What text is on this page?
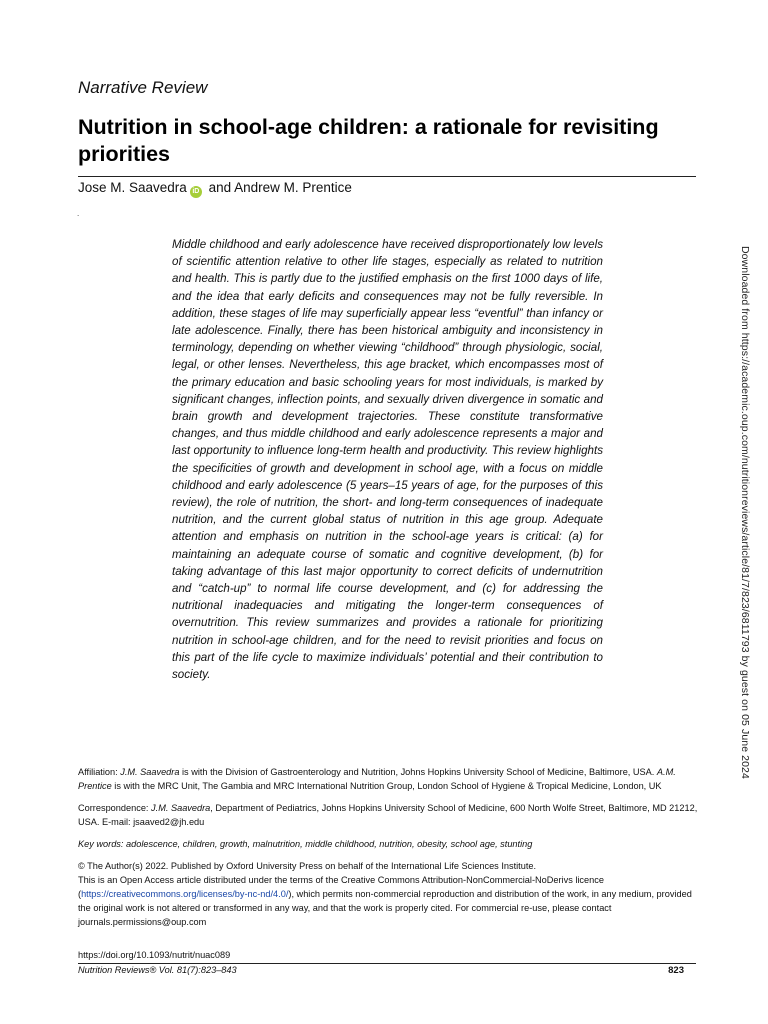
Narrative Review
Nutrition in school-age children: a rationale for revisiting priorities
Jose M. Saavedra iD and Andrew M. Prentice
.
Middle childhood and early adolescence have received disproportionately low levels of scientific attention relative to other life stages, especially as related to nutrition and health. This is partly due to the justified emphasis on the first 1000 days of life, and the idea that early deficits and consequences may not be fully reversible. In addition, these stages of life may superficially appear less “eventful” than infancy or late adolescence. Finally, there has been historical ambiguity and inconsistency in terminology, depending on whether viewing “childhood” through physiologic, social, legal, or other lenses. Nevertheless, this age bracket, which encompasses most of the primary education and basic schooling years for most individuals, is marked by significant changes, inflection points, and sexually driven divergence in somatic and brain growth and development trajectories. These constitute transformative changes, and thus middle childhood and early adolescence represents a major and last opportunity to influence long-term health and productivity. This review highlights the specificities of growth and development in school age, with a focus on middle childhood and early adolescence (5 years–15 years of age, for the purposes of this review), the role of nutrition, the short- and long-term consequences of inadequate nutrition, and the current global status of nutrition in this age group. Adequate attention and emphasis on nutrition in the school-age years is critical: (a) for maintaining an adequate course of somatic and cognitive development, (b) for taking advantage of this last major opportunity to correct deficits of undernutrition and “catch-up” to normal life course development, and (c) for addressing the nutritional inadequacies and mitigating the longer-term consequences of overnutrition. This review summarizes and provides a rationale for prioritizing nutrition in school-age children, and for the need to revisit priorities and focus on this part of the life cycle to maximize individuals’ potential and their contribution to society.	Downloaded from https://academic.oup.com/nutritionreviews/article/81/7/823/6811793 by guest on 05 June 2024

Affiliation: J.M. Saavedra is with the Division of Gastroenterology and Nutrition, Johns Hopkins University School of Medicine, Baltimore, USA. A.M. Prentice is with the MRC Unit, The Gambia and MRC International Nutrition Group, London School of Hygiene & Tropical Medicine, London, UK

Correspondence: J.M. Saavedra, Department of Pediatrics, Johns Hopkins University School of Medicine, 600 North Wolfe Street, Baltimore, MD 21212, USA. E-mail: jsaaved2@jh.edu

Key words: adolescence, children, growth, malnutrition, middle childhood, nutrition, obesity, school age, stunting

© The Author(s) 2022. Published by Oxford University Press on behalf of the International Life Sciences Institute.

This is an Open Access article distributed under the terms of the Creative Commons Attribution-NonCommercial-NoDerivs licence (https://creativecommons.org/licenses/by-nc-nd/4.0/), which permits non-commercial reproduction and distribution of the work, in any medium, provided the original work is not altered or transformed in any way, and that the work is properly cited. For commercial re-use, please contact journals.permissions@oup.com

https://doi.org/10.1093/nutrit/nuac089
Nutrition Reviews® Vol. 81(7):823–843	823
